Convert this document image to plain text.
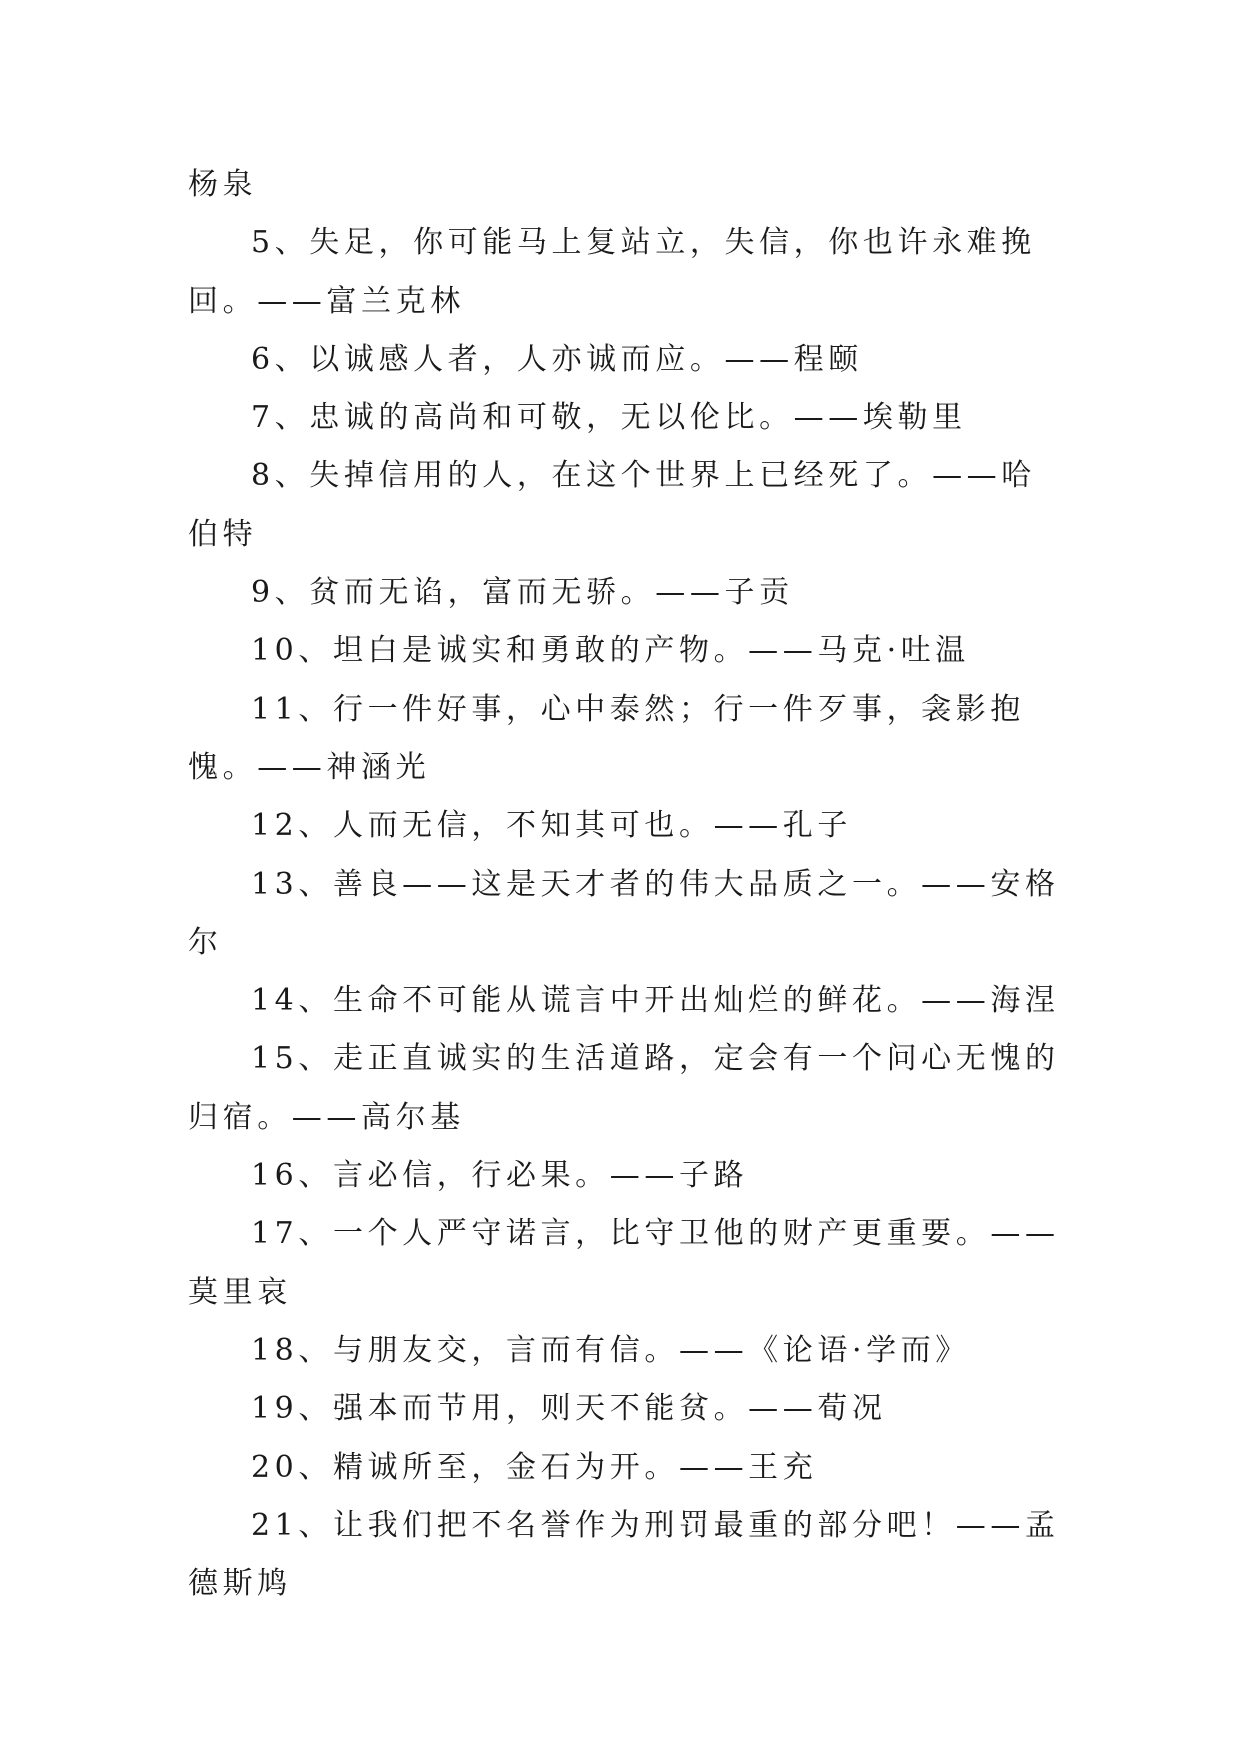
杨泉

5、失足，你可能马上复站立，失信，你也许永难挽回。——富兰克林

6、以诚感人者，人亦诚而应。——程颐

7、忠诚的高尚和可敬，无以伦比。——埃勒里

8、失掉信用的人，在这个世界上已经死了。——哈伯特

9、贫而无谄，富而无骄。——子贡

10、坦白是诚实和勇敢的产物。——马克·吐温

11、行一件好事，心中泰然；行一件歹事，衾影抱愧。——神涵光

12、人而无信，不知其可也。——孔子

13、善良——这是天才者的伟大品质之一。——安格尔

14、生命不可能从谎言中开出灿烂的鲜花。——海涅

15、走正直诚实的生活道路，定会有一个问心无愧的归宿。——高尔基

16、言必信，行必果。——子路

17、一个人严守诺言，比守卫他的财产更重要。——莫里哀

18、与朋友交，言而有信。——《论语·学而》

19、强本而节用，则天不能贫。——荀况

20、精诚所至，金石为开。——王充

21、让我们把不名誉作为刑罚最重的部分吧！——孟德斯鸠
